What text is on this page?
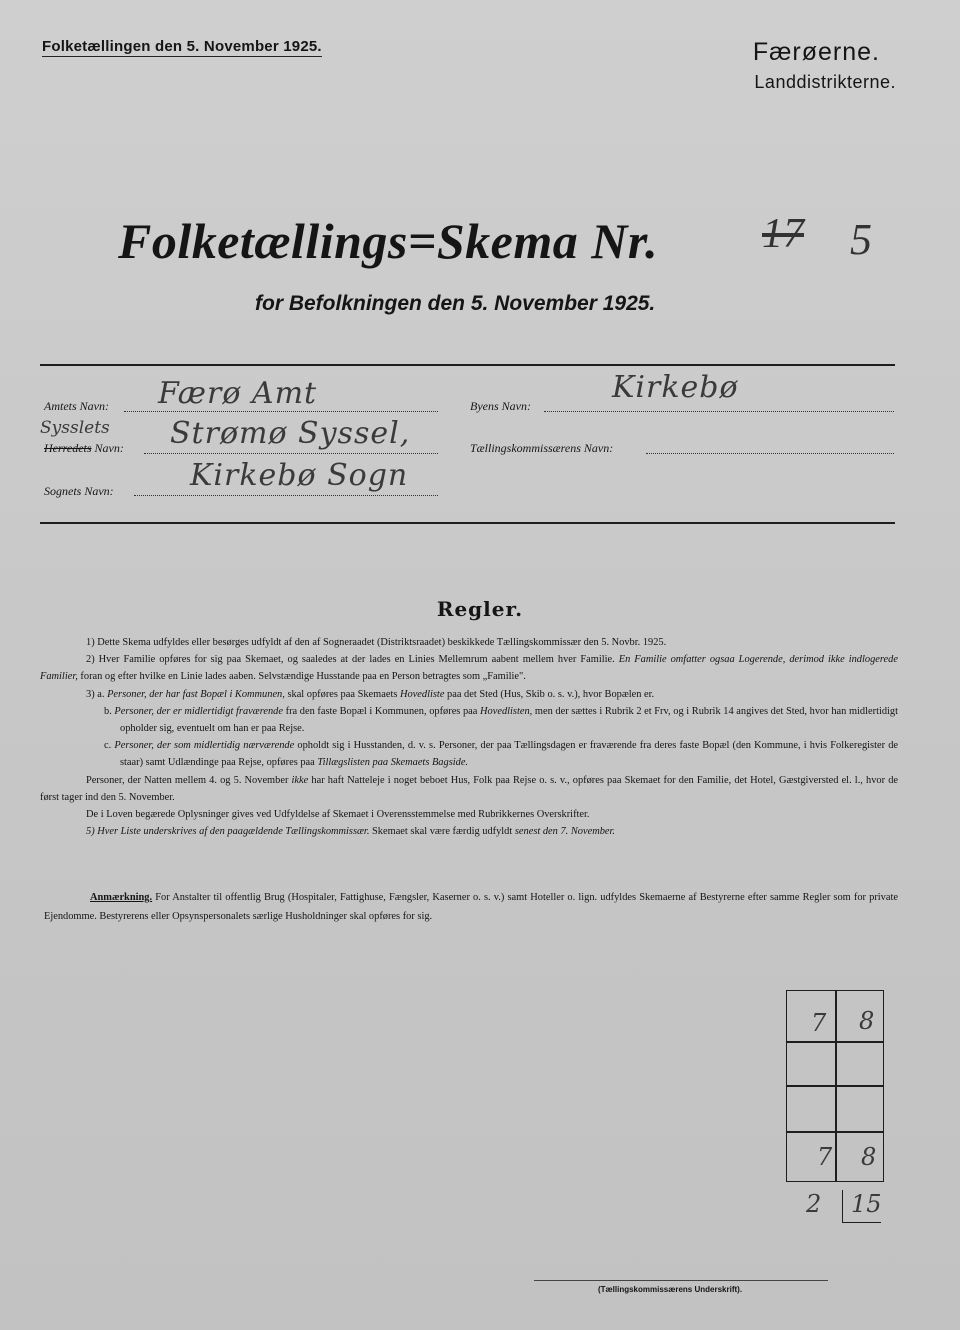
Folketællingen den 5. November 1925.	Færøerne.
Landdistrikterne.
Folketællings=Skema Nr. 17 5
for Befolkningen den 5. November 1925.
Amtets Navn: Færø Amt
Herredets Navn:
Sysslets Strømø Syssel,
Sognets Navn:	Kirkebø Sogn
Byens Navn:
Kirkebø
Tællingskommissærens Navn:
Regler.

1) Dette Skema udfyldes eller besørges udfyldt af den af Sogneraadet (Distriktsraadet) beskikkede Tællingskommissær den 5. Novbr. 1925.

2) Hver Familie opføres for sig paa Skemaet, og saaledes at der lades en Linies Mellemrum aabent mellem hver Familie. En Familie omfatter ogsaa Logerende, derimod ikke indlogerede Familier, foran og efter hvilke en Linie lades aaben. Selvstændige Husstande paa en Person betragtes som „Familie".

3) a. Personer, der har fast Bopæl i Kommunen, skal opføres paa Skemaets Hovedliste paa det Sted (Hus, Skib o. s. v.), hvor Bopælen er.

b. Personer, der er midlertidigt fraværende fra den faste Bopæl i Kommunen, opføres paa Hovedlisten, men der sættes i Rubrik 2 et Frv, og i Rubrik 14 angives det Sted, hvor han midlertidigt opholder sig, eventuelt om han er paa Rejse.

c. Personer, der som midlertidig nærværende opholdt sig i Husstanden, d. v. s. Personer, der paa Tællingsdagen er fraværende fra deres faste Bopæl (den Kommune, i hvis Folkeregister de staar) samt Udlændinge paa Rejse, opføres paa Tillægslisten paa Skemaets Bagside.

Personer, der Natten mellem 4. og 5. November ikke har haft Natteleje i noget beboet Hus, Folk paa Rejse o. s. v., opføres paa Skemaet for den Familie, det Hotel, Gæstgiversted el. l., hvor de først tager ind den 5. November.

De i Loven begærede Oplysninger gives ved Udfyldelse af Skemaet i Overensstemmelse med Rubrikkernes Overskrifter.

5) Hver Liste underskrives af den paagældende Tællingskommissær. Skemaet skal være færdig udfyldt senest den 7. November.

Anmærkning. For Anstalter til offentlig Brug (Hospitaler, Fattighuse, Fængsler, Kaserner o. s. v.) samt Hoteller o. lign. udfyldes Skemaerne af Bestyrerne efter samme Regler som for private Ejendomme. Bestyrerens eller Opsynspersonalets særlige Husholdninger skal opføres for sig.
7 8
7 8
2 15
(Tællingskommissærens Underskrift).
